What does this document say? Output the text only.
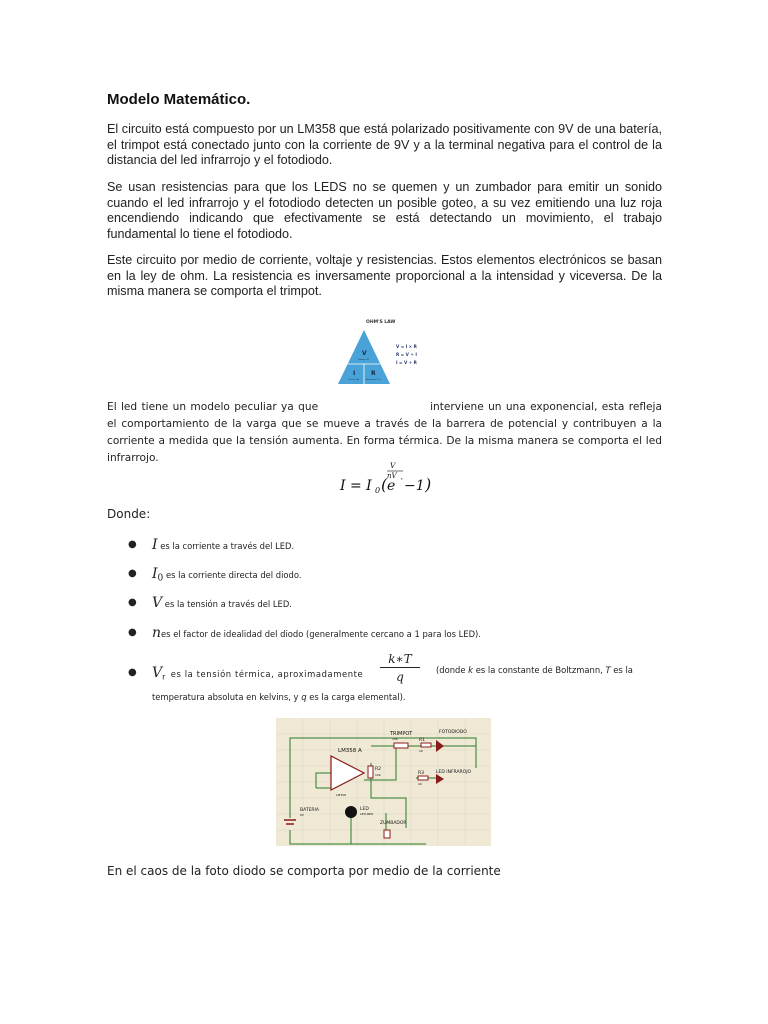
Modelo Matemático.

El circuito está compuesto por un LM358 que está polarizado positivamente con 9V de una batería, el trimpot está conectado junto con la corriente de 9V y a la terminal negativa para el control de la distancia del led infrarrojo y el fotodiodo.

Se usan resistencias para que los LEDS no se quemen y un zumbador para emitir un sonido cuando el led infrarrojo y el fotodiodo detecten un posible goteo, a su vez emitiendo una luz roja encendiendo indicando que efectivamente se está detectando un movimiento, el trabajo fundamental lo tiene el fotodiodo.

Este circuito por medio de corriente, voltaje y resistencias. Estos elementos electrónicos se basan en la ley de ohm. La resistencia es inversamente proporcional a la intensidad y viceversa. De la misma manera se comporta el trimpot.

OHM'S LAW
V
Voltage (V)
I
Current (A)
R
Resistance (Ω)
V = I × R
R = V ÷ I
I = V ÷ R

El led tiene un modelo peculiar ya que	interviene un una exponencial, esta refleja el comportamiento de la varga que se mueve a través de la barrera de potencial y contribuyen a la corriente a medida que la tensión aumenta. En forma térmica. De la misma manera se comporta el led infrarrojo.

I = I 0 ( e
V
nV r −1 )
Donde:
● I es la corriente a través del LED.
● $I_0$ es la corriente directa del diodo.
● V es la tensión a través del LED.
● nes el factor de idealidad del diodo (generalmente cercano a 1 para los LED).
● $V_r$ es la tensión térmica, aproximadamente $\frac{k∗T}{q}$ (donde k es la constante de Boltzmann, T es la
temperatura absoluta en kelvins, y q es la carga elemental).
LM358 A
TRIMPOT
10K	R1
1K
FOTODIODO
R2
10K	R3
1K
LED INFRAROJO
BATERIA
9V
LED
LED-RED
ZUMBADOR
LM358
En el caos de la foto diodo se comporta por medio de la corriente
